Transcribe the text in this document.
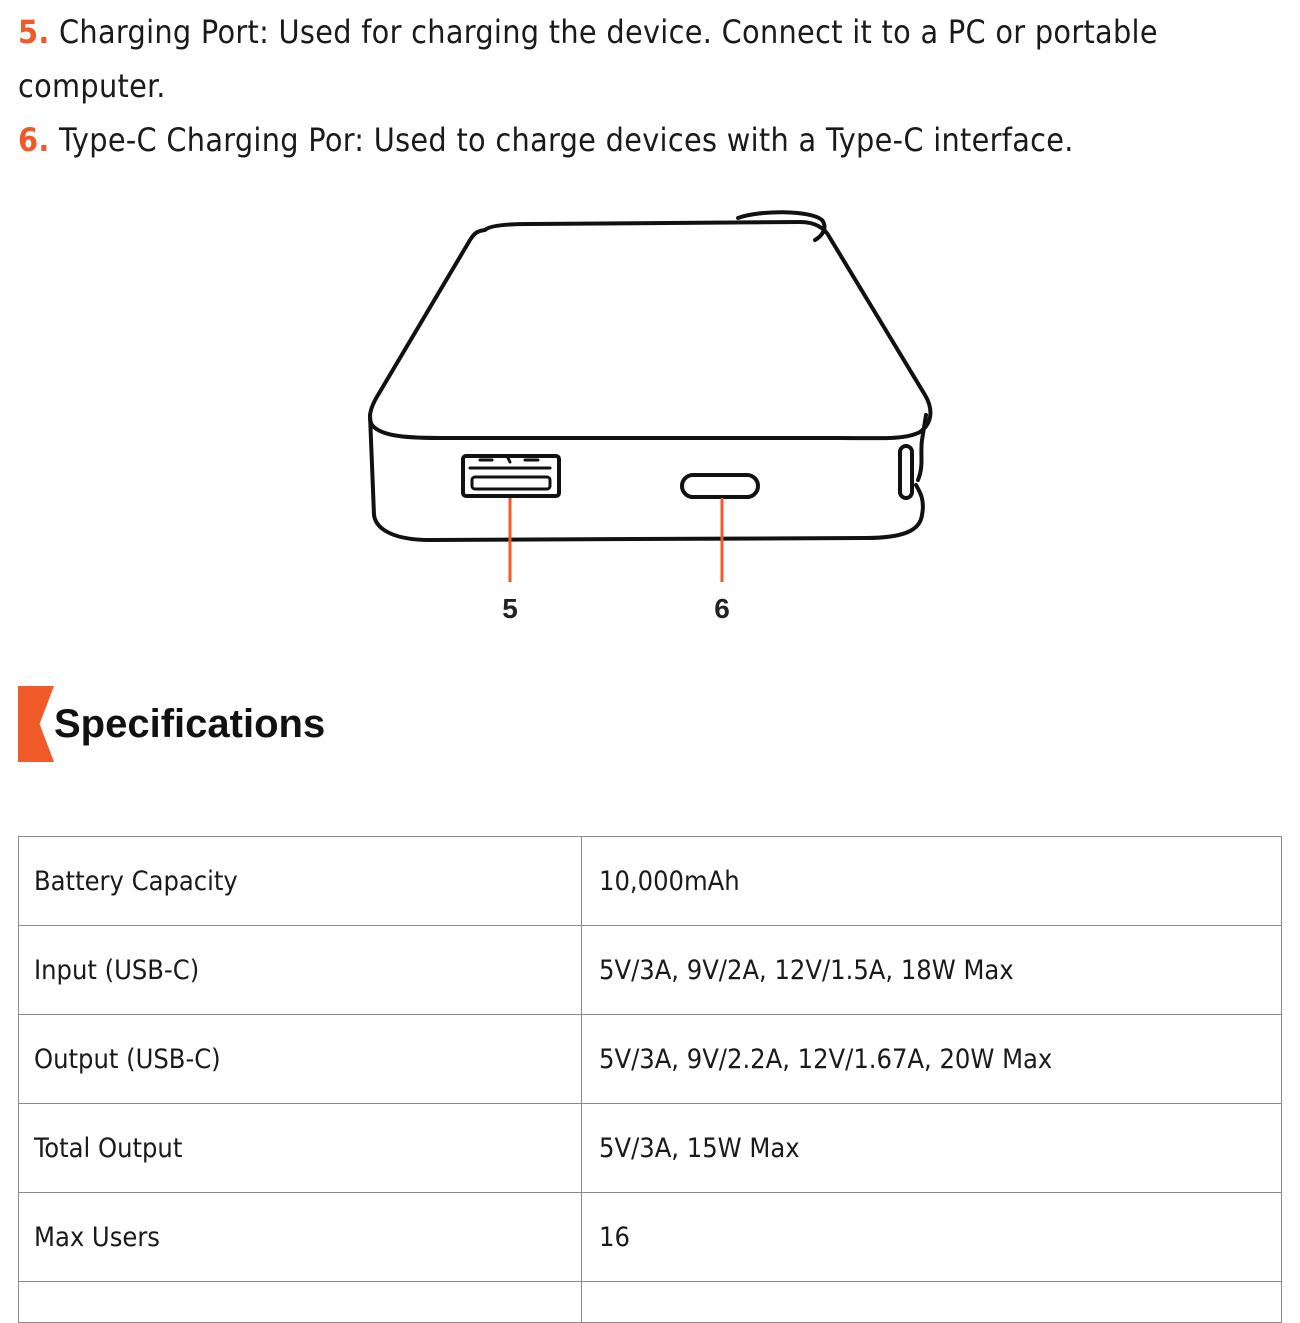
5. Charging Port: Used for charging the device. Connect it to a PC or portable computer.
6. Type-C Charging Por: Used to charge devices with a Type-C interface.
5	6
Specifications
Battery Capacity	10,000mAh
Input (USB-C)	5V/3A, 9V/2A, 12V/1.5A, 18W Max
Output (USB-C)	5V/3A, 9V/2.2A, 12V/1.67A, 20W Max
Total Output	5V/3A, 15W Max
Max Users	16
